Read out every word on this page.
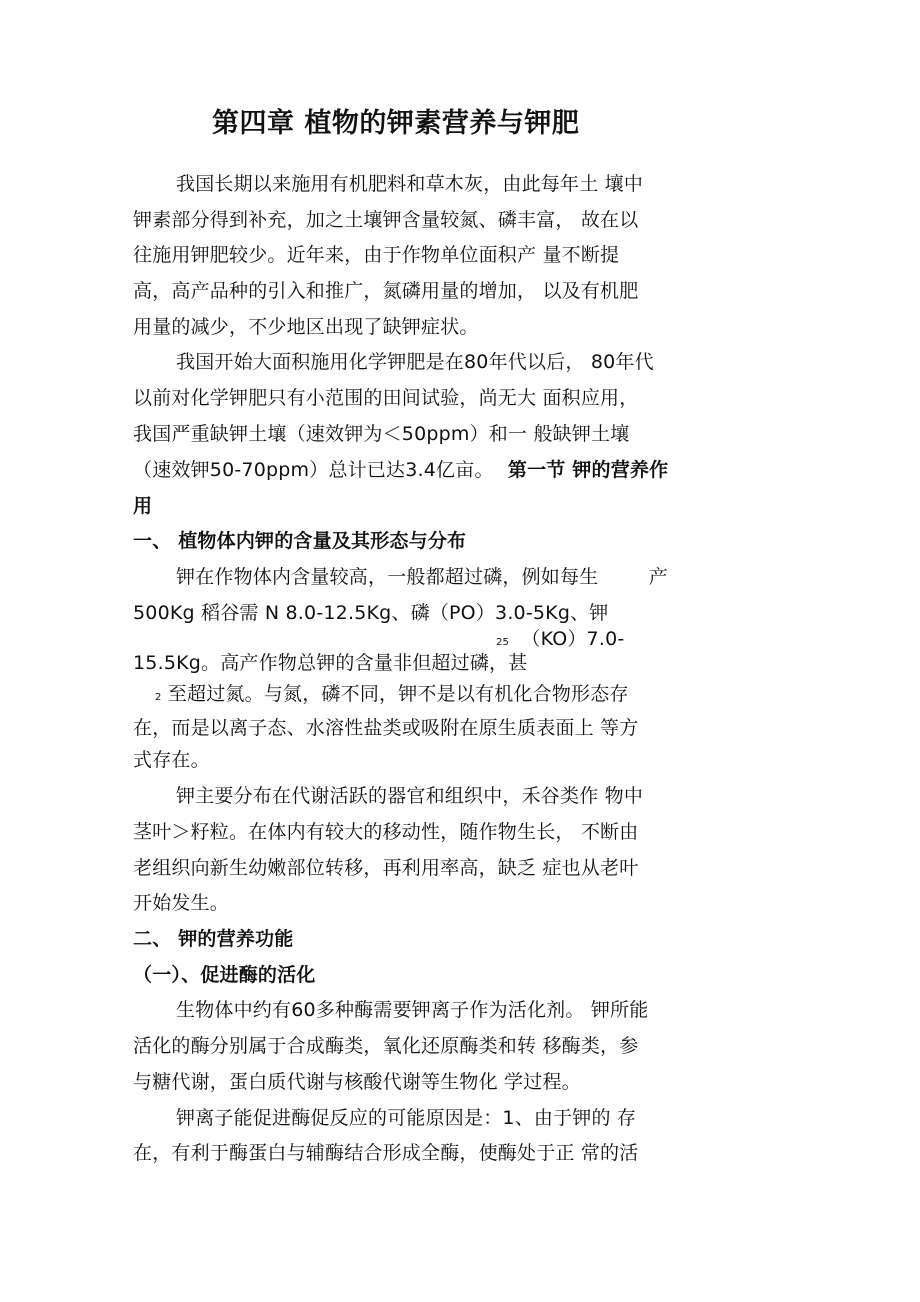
第四章 植物的钾素营养与钾肥
我国长期以来施用有机肥料和草木灰，由此每年土 壤中
钾素部分得到补充，加之土壤钾含量较氮、磷丰富， 故在以
往施用钾肥较少。近年来，由于作物单位面积产 量不断提
高，高产品种的引入和推广，氮磷用量的增加， 以及有机肥
用量的减少，不少地区出现了缺钾症状。
我国开始大面积施用化学钾肥是在80年代以后， 80年代
以前对化学钾肥只有小范围的田间试验，尚无大 面积应用，
我国严重缺钾土壤（速效钾为＜50ppm）和一 般缺钾土壤
（速效钾50-70ppm）总计已达3.4亿亩。 第一节 钾的营养作
用
一、 植物体内钾的含量及其形态与分布
钾在作物体内含量较高，一般都超过磷，例如每生	产
500Kg 稻谷需 N 8.0-12.5Kg、磷（PO）3.0-5Kg、钾
25 （KO）7.0-
15.5Kg。高产作物总钾的含量非但超过磷，甚
2 至超过氮。与氮，磷不同，钾不是以有机化合物形态存
在，而是以离子态、水溶性盐类或吸附在原生质表面上 等方
式存在。
钾主要分布在代谢活跃的器官和组织中，禾谷类作 物中
茎叶＞籽粒。在体内有较大的移动性，随作物生长， 不断由
老组织向新生幼嫩部位转移，再利用率高，缺乏 症也从老叶
开始发生。
二、 钾的营养功能
（一）、促进酶的活化
生物体中约有60多种酶需要钾离子作为活化剂。 钾所能
活化的酶分别属于合成酶类，氧化还原酶类和转 移酶类，参
与糖代谢，蛋白质代谢与核酸代谢等生物化 学过程。
钾离子能促进酶促反应的可能原因是：1、由于钾的 存
在，有利于酶蛋白与辅酶结合形成全酶，使酶处于正 常的活
